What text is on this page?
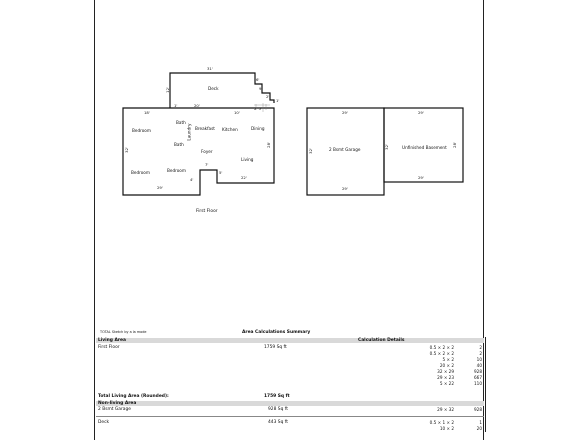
Deck
Bedroom
Bath
Laundry Breakfast Kitchen	Dining
Bath
Foyer
Living
Bedroom	Bedroom
2 Bsmt Garage	Unfinished Basement
31'
12'
6'
9'
2'
1'
18'
20'
10'
2' 5'
32'
28'
29'
7'
5'
22'
4'
1'
29'
32'
29'
29'
32'	28'
29'
First Floor
TOTAL Sketch by a la mode	Area Calculations Summary
Living Area	Calculation Details
First Floor	1759 Sq ft	0.5 × 2 × 2	2
0.5 × 2 × 2	2
5 × 2	10
20 × 2	40
32 × 29	928
29 × 23	667
5 × 22	110
Total Living Area (Rounded):	1759 Sq ft
Non-living Area
2 Bsmt Garage	928 Sq ft	29 × 32	928
Deck	443 Sq ft	0.5 × 1 × 2	1
10 × 2	20
